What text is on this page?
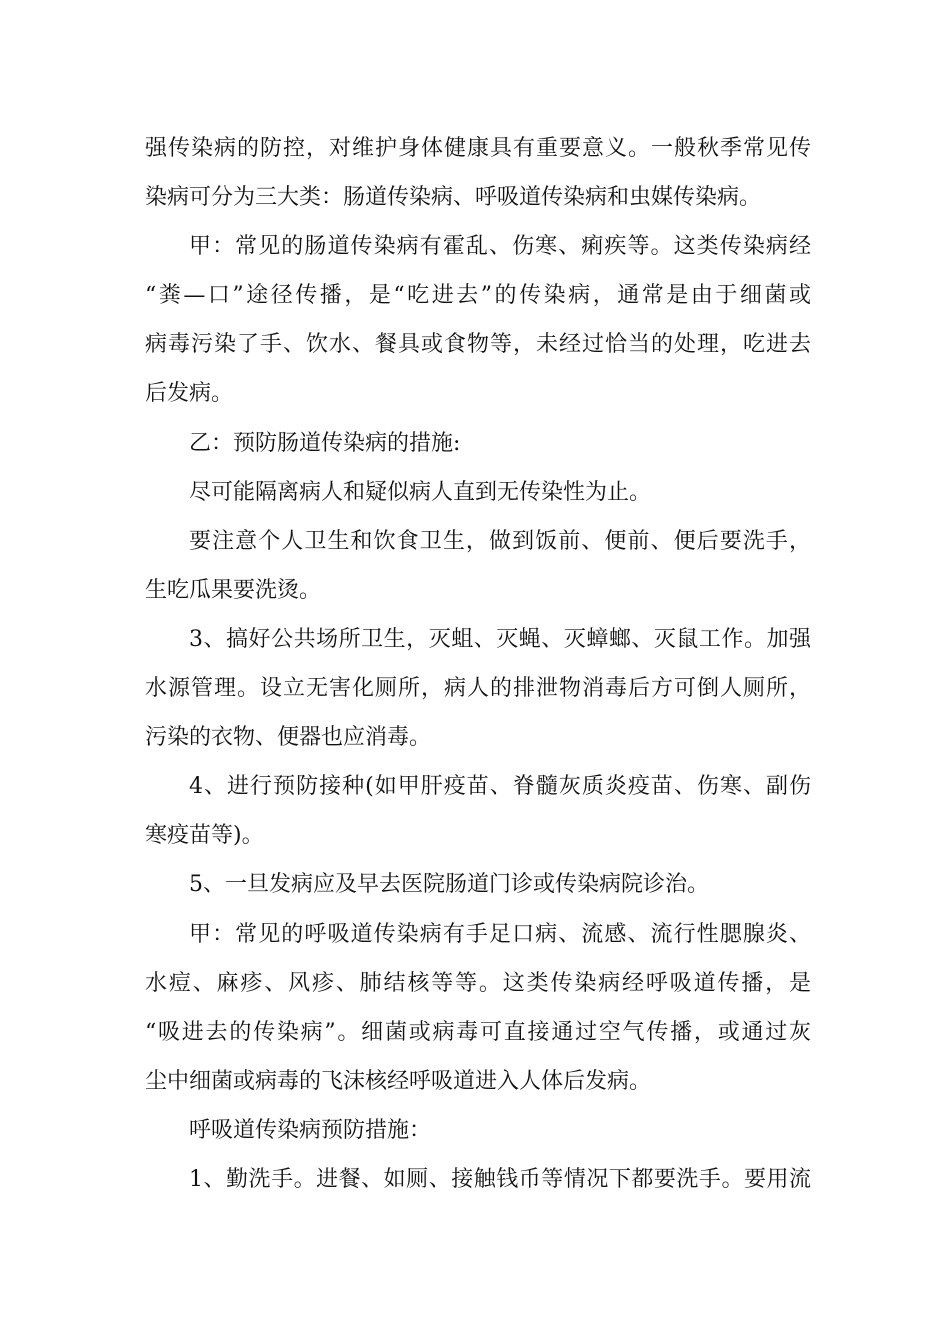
强传染病的防控，对维护身体健康具有重要意义。一般秋季常见传
染病可分为三大类：肠道传染病、呼吸道传染病和虫媒传染病。
甲：常见的肠道传染病有霍乱、伤寒、痢疾等。这类传染病经
“粪—口”途径传播，是“吃进去”的传染病，通常是由于细菌或
病毒污染了手、饮水、餐具或食物等，未经过恰当的处理，吃进去
后发病。
乙：预防肠道传染病的措施:
尽可能隔离病人和疑似病人直到无传染性为止。
要注意个人卫生和饮食卫生，做到饭前、便前、便后要洗手，
生吃瓜果要洗烫。
3、搞好公共场所卫生，灭蛆、灭蝇、灭蟑螂、灭鼠工作。加强
水源管理。设立无害化厕所，病人的排泄物消毒后方可倒人厕所，
污染的衣物、便器也应消毒。
4、进行预防接种(如甲肝疫苗、脊髓灰质炎疫苗、伤寒、副伤
寒疫苗等)。
5、一旦发病应及早去医院肠道门诊或传染病院诊治。
甲：常见的呼吸道传染病有手足口病、流感、流行性腮腺炎、
水痘、麻疹、风疹、肺结核等等。这类传染病经呼吸道传播，是
“吸进去的传染病”。细菌或病毒可直接通过空气传播，或通过灰
尘中细菌或病毒的飞沫核经呼吸道进入人体后发病。
呼吸道传染病预防措施：
1、勤洗手。进餐、如厕、接触钱币等情况下都要洗手。要用流
